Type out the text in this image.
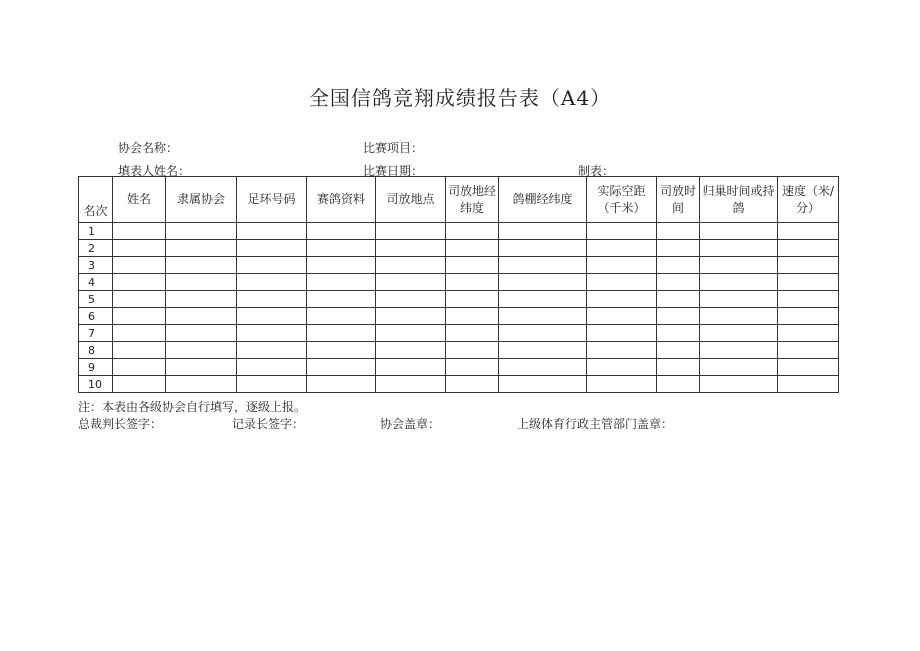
全国信鸽竞翔成绩报告表（A4）
协会名称：	比赛项目：
填表人姓名：	比赛日期：	制表：
名次	姓名	隶属协会	足环号码	赛鸽资料	司放地点	司放地经纬度	鸽棚经纬度	实际空距（千米）	司放时间	归巢时间或持鸽	速度（米/分）
1											
2											
3											
4											
5											
6											
7											
8											
9											
10											
注：本表由各级协会自行填写，逐级上报。
总裁判长签字：	记录长签字：	协会盖章：	上级体育行政主管部门盖章：
